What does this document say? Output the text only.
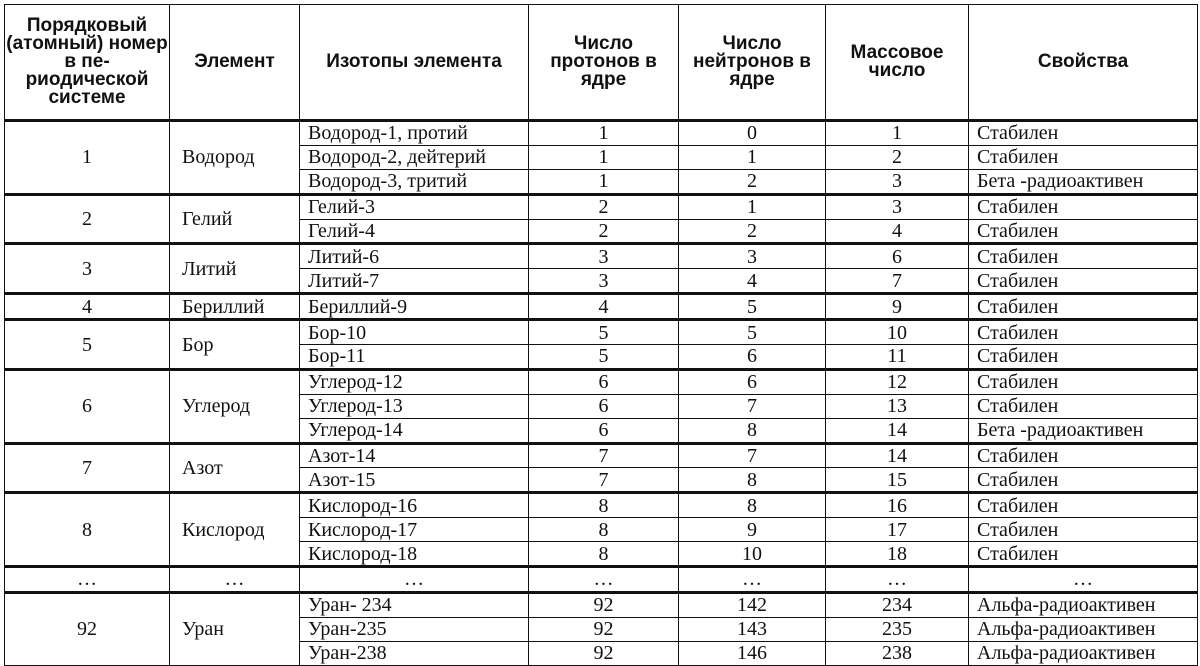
Порядковый (атомный) номер в пе-риодической системе	Элемент	Изотопы элемента	Число протонов в ядре	Число нейтронов в ядре	Массовое число	Свойства
1	Водород	Водород-1, протий	1	0	1	Стабилен
		Водород-2, дейтерий	1	1	2	Стабилен
		Водород-3, тритий	1	2	3	Бета -радиоактивен
2	Гелий	Гелий-3	2	1	3	Стабилен
		Гелий-4	2	2	4	Стабилен
3	Литий	Литий-6	3	3	6	Стабилен
		Литий-7	3	4	7	Стабилен
4	Бериллий	Бериллий-9	4	5	9	Стабилен
5	Бор	Бор-10	5	5	10	Стабилен
		Бор-11	5	6	11	Стабилен
6	Углерод	Углерод-12	6	6	12	Стабилен
		Углерод-13	6	7	13	Стабилен
		Углерод-14	6	8	14	Бета -радиоактивен
7	Азот	Азот-14	7	7	14	Стабилен
		Азот-15	7	8	15	Стабилен
8	Кислород	Кислород-16	8	8	16	Стабилен
		Кислород-17	8	9	17	Стабилен
		Кислород-18	8	10	18	Стабилен
…	…	…	…	…	…	…
92	Уран	Уран- 234	92	142	234	Альфа-радиоактивен
		Уран-235	92	143	235	Альфа-радиоактивен
		Уран-238	92	146	238	Альфа-радиоактивен
